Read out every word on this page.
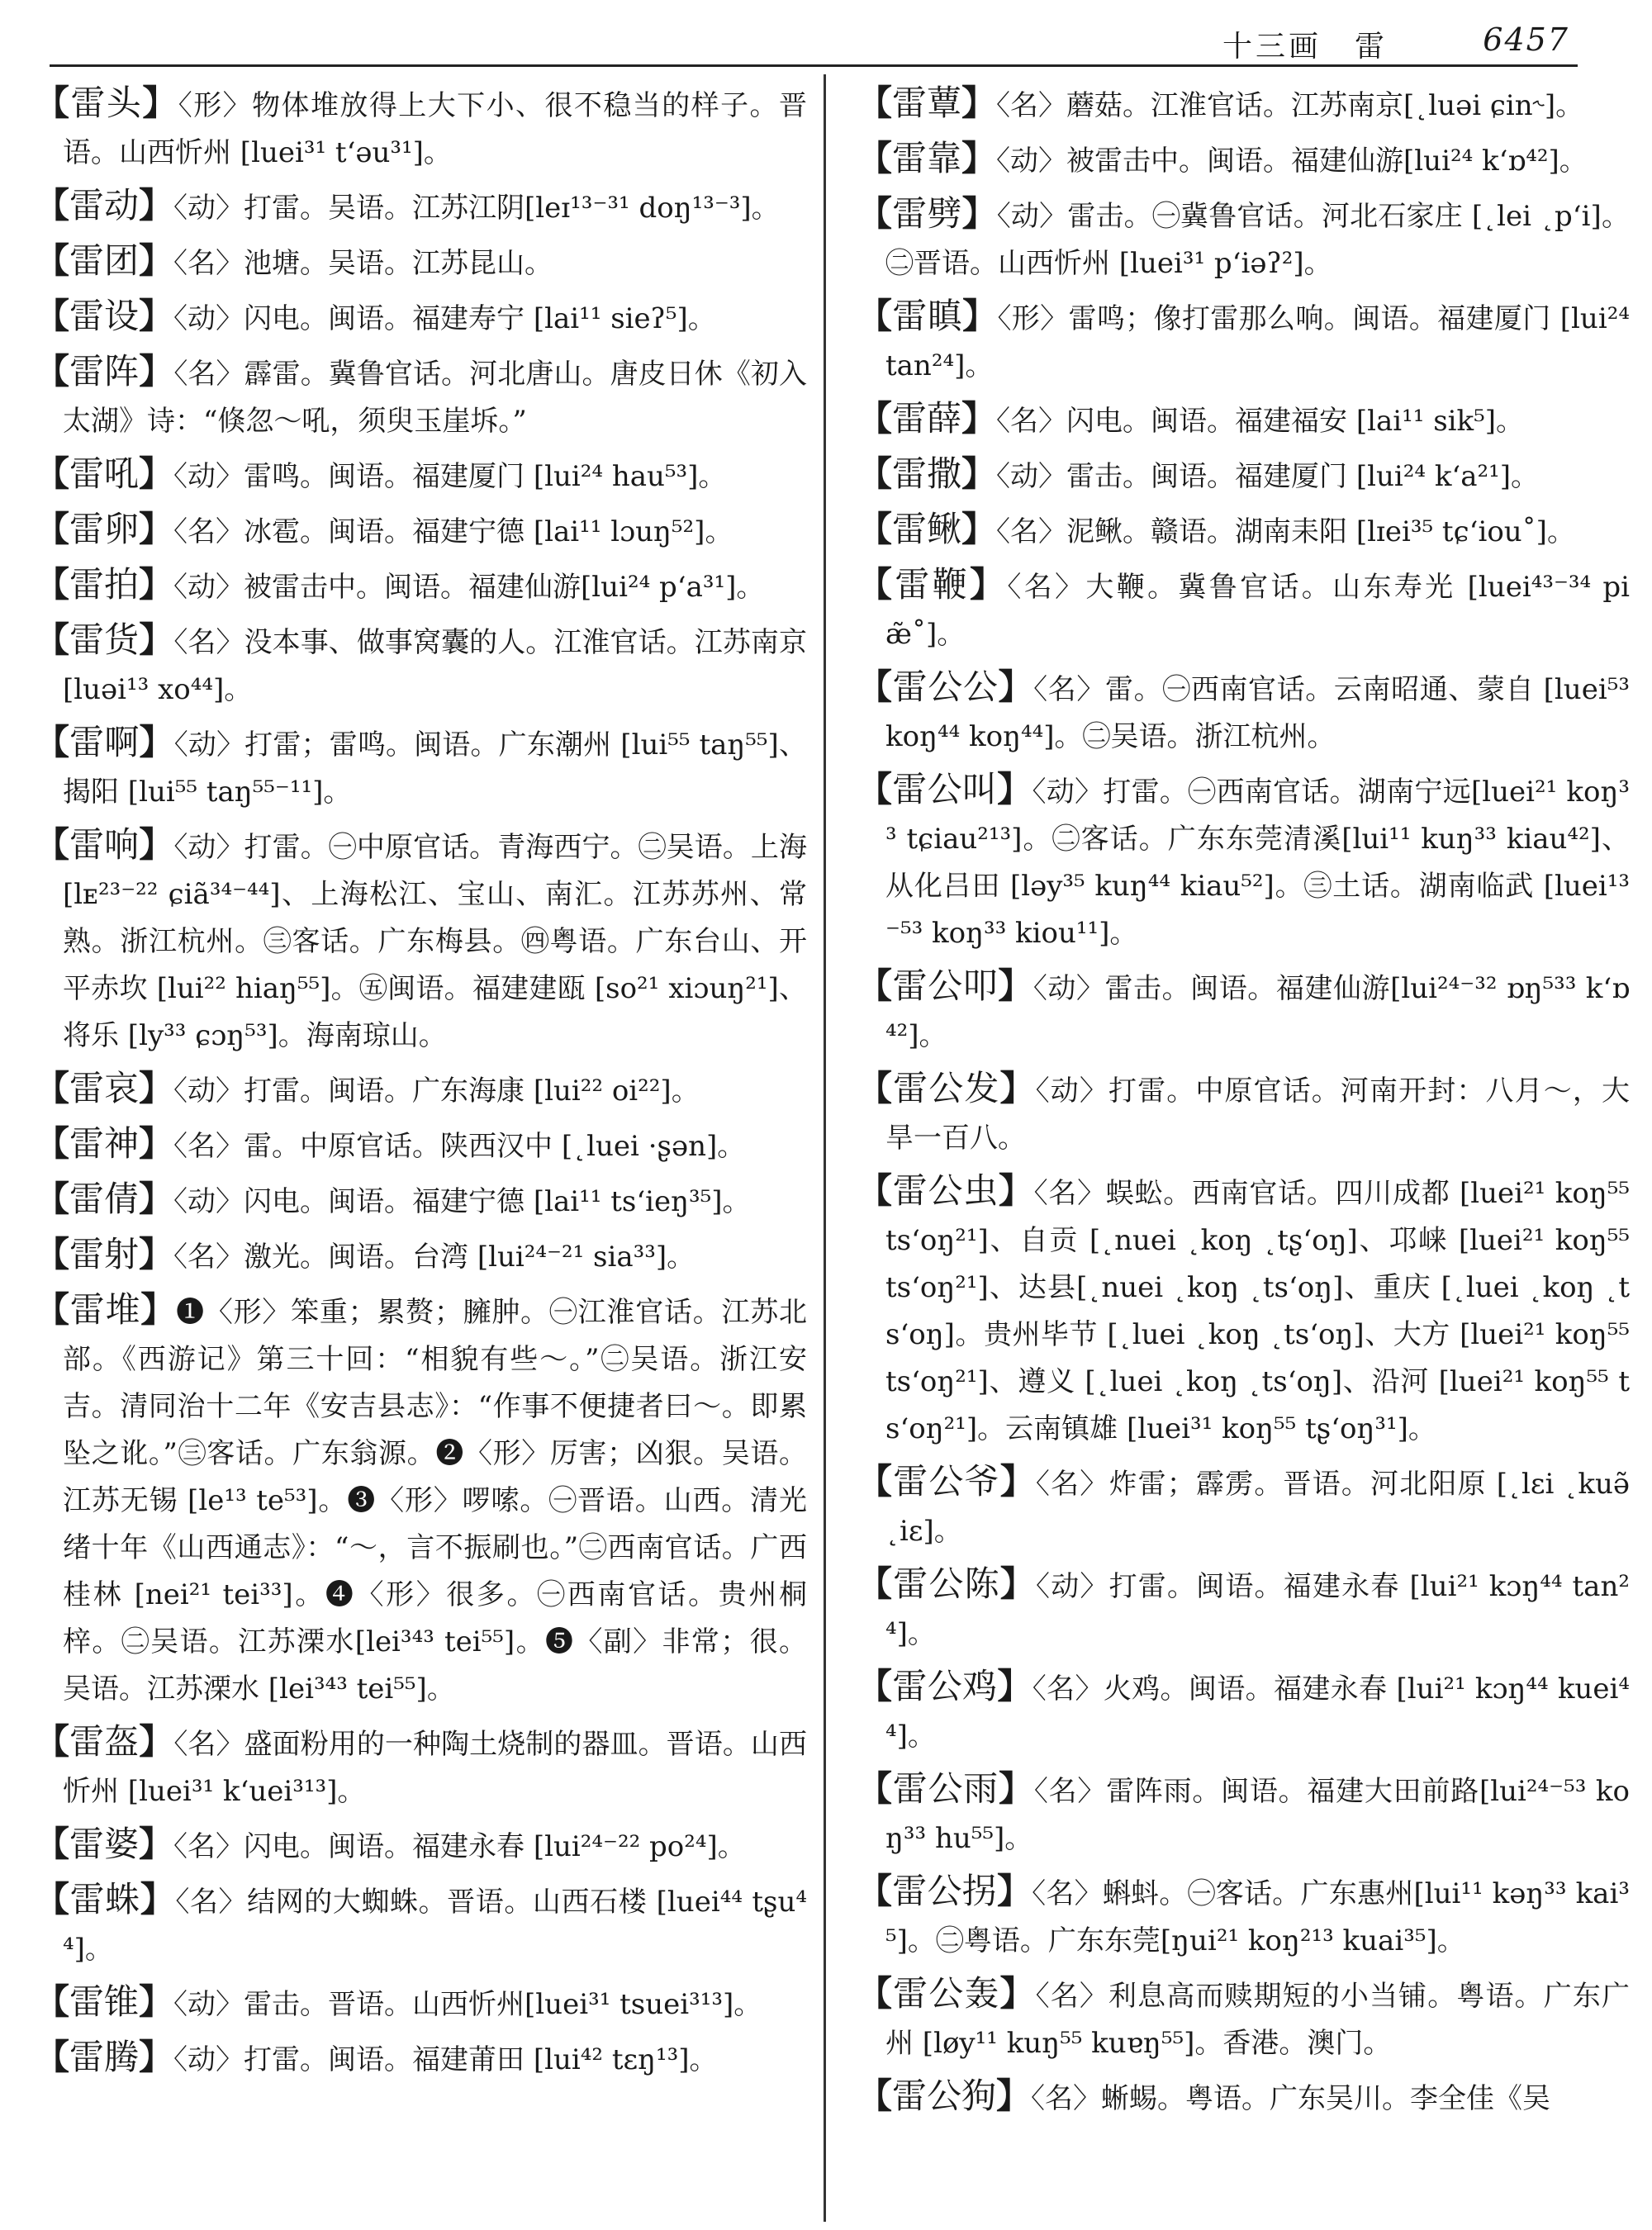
十三画　雷	6457

【雷头】〈形〉物体堆放得上大下小、很不稳当的样子。晋语。山西忻州 [luei³¹ t‘əu³¹]。

【雷动】〈动〉打雷。吴语。江苏江阴[leɪ¹³⁻³¹ doŋ¹³⁻³]。

【雷团】〈名〉池塘。吴语。江苏昆山。

【雷设】〈动〉闪电。闽语。福建寿宁 [lai¹¹ sieʔ⁵]。

【雷阵】〈名〉霹雷。冀鲁官话。河北唐山。唐皮日休《初入太湖》诗：“倏忽～吼，须臾玉崖坼。”

【雷吼】〈动〉雷鸣。闽语。福建厦门 [lui²⁴ hau⁵³]。

【雷卵】〈名〉冰雹。闽语。福建宁德 [lai¹¹ lɔuŋ⁵²]。

【雷拍】〈动〉被雷击中。闽语。福建仙游[lui²⁴ p‘a³¹]。

【雷货】〈名〉没本事、做事窝囊的人。江淮官话。江苏南京 [luəi¹³ xo⁴⁴]。

【雷啊】〈动〉打雷；雷鸣。闽语。广东潮州 [lui⁵⁵ taŋ⁵⁵]、揭阳 [lui⁵⁵ taŋ⁵⁵⁻¹¹]。

【雷响】〈动〉打雷。㊀中原官话。青海西宁。㊁吴语。上海 [lᴇ²³⁻²² ɕiã³⁴⁻⁴⁴]、上海松江、宝山、南汇。江苏苏州、常熟。浙江杭州。㊂客话。广东梅县。㊃粤语。广东台山、开平赤坎 [lui²² hiaŋ⁵⁵]。㊄闽语。福建建瓯 [so²¹ xiɔuŋ²¹]、将乐 [ly³³ ɕɔŋ⁵³]。海南琼山。

【雷哀】〈动〉打雷。闽语。广东海康 [lui²² oi²²]。

【雷神】〈名〉雷。中原官话。陕西汉中 [˛luei ·ʂən]。

【雷倩】〈动〉闪电。闽语。福建宁德 [lai¹¹ ts‘ieŋ³⁵]。

【雷射】〈名〉激光。闽语。台湾 [lui²⁴⁻²¹ sia³³]。

【雷堆】❶〈形〉笨重；累赘；臃肿。㊀江淮官话。江苏北部。《西游记》第三十回：“相貌有些～。”㊁吴语。浙江安吉。清同治十二年《安吉县志》：“作事不便捷者曰～。即累坠之讹。”㊂客话。广东翁源。❷〈形〉厉害；凶狠。吴语。江苏无锡 [le¹³ te⁵³]。❸〈形〉啰嗦。㊀晋语。山西。清光绪十年《山西通志》：“～，言不振刷也。”㊁西南官话。广西桂林 [nei²¹ tei³³]。❹〈形〉很多。㊀西南官话。贵州桐梓。㊁吴语。江苏溧水[lei³⁴³ tei⁵⁵]。❺〈副〉非常；很。吴语。江苏溧水 [lei³⁴³ tei⁵⁵]。

【雷盔】〈名〉盛面粉用的一种陶土烧制的器皿。晋语。山西忻州 [luei³¹ k‘uei³¹³]。

【雷婆】〈名〉闪电。闽语。福建永春 [lui²⁴⁻²² po²⁴]。

【雷蛛】〈名〉结网的大蜘蛛。晋语。山西石楼 [luei⁴⁴ tʂu⁴⁴]。

【雷锥】〈动〉雷击。晋语。山西忻州[luei³¹ tsuei³¹³]。

【雷腾】〈动〉打雷。闽语。福建莆田 [lui⁴² tɛŋ¹³]。

【雷蕈】〈名〉蘑菇。江淮官话。江苏南京[˛luəi ɕin˞]。

【雷靠】〈动〉被雷击中。闽语。福建仙游[lui²⁴ k‘ɒ⁴²]。

【雷劈】〈动〉雷击。㊀冀鲁官话。河北石家庄 [˛lei ˛p‘i]。㊁晋语。山西忻州 [luei³¹ p‘iəʔ²]。

【雷瞋】〈形〉雷鸣；像打雷那么响。闽语。福建厦门 [lui²⁴ tan²⁴]。

【雷薛】〈名〉闪电。闽语。福建福安 [lai¹¹ sik⁵]。

【雷撒】〈动〉雷击。闽语。福建厦门 [lui²⁴ k‘a²¹]。

【雷鳅】〈名〉泥鳅。赣语。湖南耒阳 [lɪei³⁵ tɕ‘iou˚]。

【雷鞭】〈名〉大鞭。冀鲁官话。山东寿光 [luei⁴³⁻³⁴ piæ̃˚]。

【雷公公】〈名〉雷。㊀西南官话。云南昭通、蒙自 [luei⁵³ koŋ⁴⁴ koŋ⁴⁴]。㊁吴语。浙江杭州。

【雷公叫】〈动〉打雷。㊀西南官话。湖南宁远[luei²¹ koŋ³³ tɕiau²¹³]。㊁客话。广东东莞清溪[lui¹¹ kuŋ³³ kiau⁴²]、从化吕田 [ləy³⁵ kuŋ⁴⁴ kiau⁵²]。㊂土话。湖南临武 [luei¹³⁻⁵³ koŋ³³ kiou¹¹]。

【雷公叩】〈动〉雷击。闽语。福建仙游[lui²⁴⁻³² ɒŋ⁵³³ k‘ɒ⁴²]。

【雷公发】〈动〉打雷。中原官话。河南开封：八月～，大旱一百八。

【雷公虫】〈名〉蜈蚣。西南官话。四川成都 [luei²¹ koŋ⁵⁵ ts‘oŋ²¹]、自贡 [˛nuei ˛koŋ ˛tʂ‘oŋ]、邛崃 [luei²¹ koŋ⁵⁵ ts‘oŋ²¹]、达县[˛nuei ˛koŋ ˛ts‘oŋ]、重庆 [˛luei ˛koŋ ˛ts‘oŋ]。贵州毕节 [˛luei ˛koŋ ˛ts‘oŋ]、大方 [luei²¹ koŋ⁵⁵ ts‘oŋ²¹]、遵义 [˛luei ˛koŋ ˛ts‘oŋ]、沿河 [luei²¹ koŋ⁵⁵ ts‘oŋ²¹]。云南镇雄 [luei³¹ koŋ⁵⁵ tʂ‘oŋ³¹]。

【雷公爷】〈名〉炸雷；霹雳。晋语。河北阳原 [˛lɛi ˛kuə̃ ˛iɛ]。

【雷公陈】〈动〉打雷。闽语。福建永春 [lui²¹ kɔŋ⁴⁴ tan²⁴]。

【雷公鸡】〈名〉火鸡。闽语。福建永春 [lui²¹ kɔŋ⁴⁴ kuei⁴⁴]。

【雷公雨】〈名〉雷阵雨。闽语。福建大田前路[lui²⁴⁻⁵³ koŋ³³ hu⁵⁵]。

【雷公拐】〈名〉蝌蚪。㊀客话。广东惠州[lui¹¹ kəŋ³³ kai³⁵]。㊁粤语。广东东莞[ŋui²¹ koŋ²¹³ kuai³⁵]。

【雷公轰】〈名〉利息高而赎期短的小当铺。粤语。广东广州 [løy¹¹ kuŋ⁵⁵ kuɐŋ⁵⁵]。香港。澳门。

【雷公狗】〈名〉蜥蜴。粤语。广东吴川。李全佳《吴
